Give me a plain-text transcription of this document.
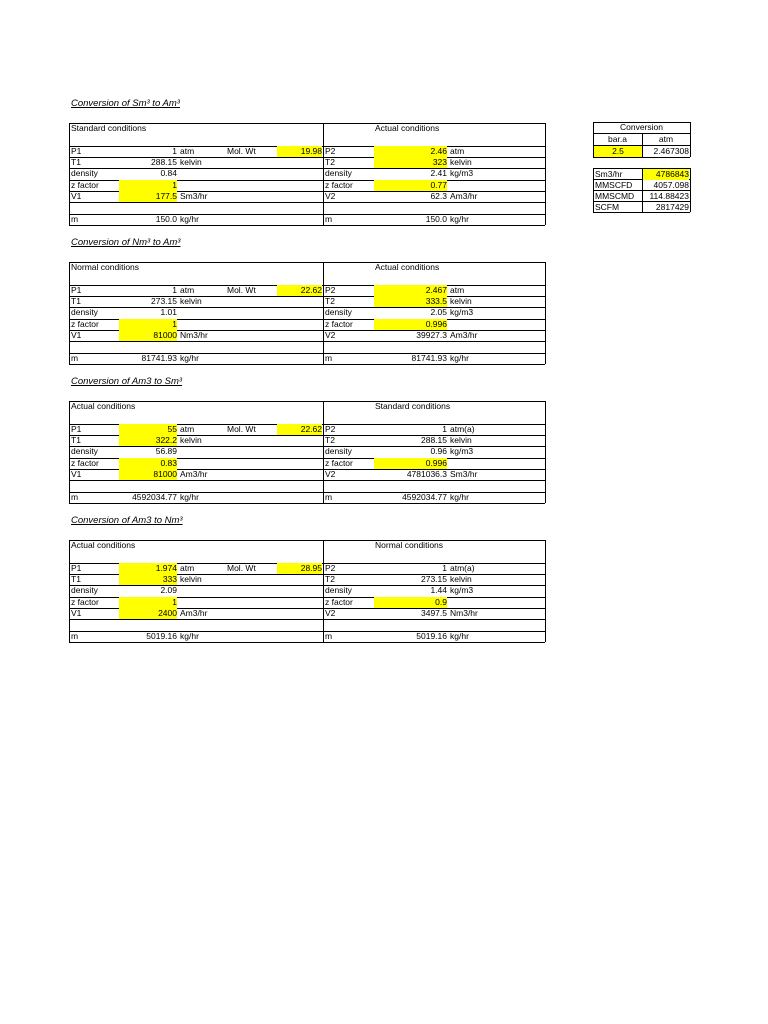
Conversion of Sm³ to Am³
Standard conditions	Actual conditions
P1	1 atm	Mol. Wt	19.98 P2	2.46 atm
T1	288.15 kelvin	T2	323 kelvin
density	0.84	density	2.41 kg/m3
z factor	1	z factor	0.77
V1	177.5 Sm3/hr	V2	62.3 Am3/hr
m	150.0 kg/hr	m	150.0 kg/hr
Conversion of Nm³ to Am³
Normal conditions	Actual conditions
P1	1 atm	Mol. Wt	22.62 P2	2.467 atm
T1	273.15 kelvin	T2	333.5 kelvin
density	1.01	density	2.05 kg/m3
z factor	1	z factor	0.996
V1	81000 Nm3/hr	V2	39927.3 Am3/hr
m	81741.93 kg/hr	m	81741.93 kg/hr
Conversion of Am3 to Sm³
Actual conditions	Standard conditions
P1	55 atm	Mol. Wt	22.62 P2	1 atm(a)
T1	322.2 kelvin	T2	288.15 kelvin
density	56.89	density	0.96 kg/m3
z factor	0.83	z factor	0.996
V1	81000 Am3/hr	V2	4781036.3 Sm3/hr
m	4592034.77 kg/hr	m	4592034.77 kg/hr
Conversion of Am3 to Nm³
Actual conditions	Normal conditions
P1	1.974 atm	Mol. Wt	28.95 P2	1 atm(a)
T1	333 kelvin	T2	273.15 kelvin
density	2.09	density	1.44 kg/m3
z factor	1	z factor	0.9
V1	2400 Am3/hr	V2	3497.5 Nm3/hr
m	5019.16 kg/hr	m	5019.16 kg/hr
Conversion
bar.a	atm
2.5	2.467308
Sm3/hr	4786843
MMSCFD	4057.098
MMSCMD	114.88423
SCFM	2817429
